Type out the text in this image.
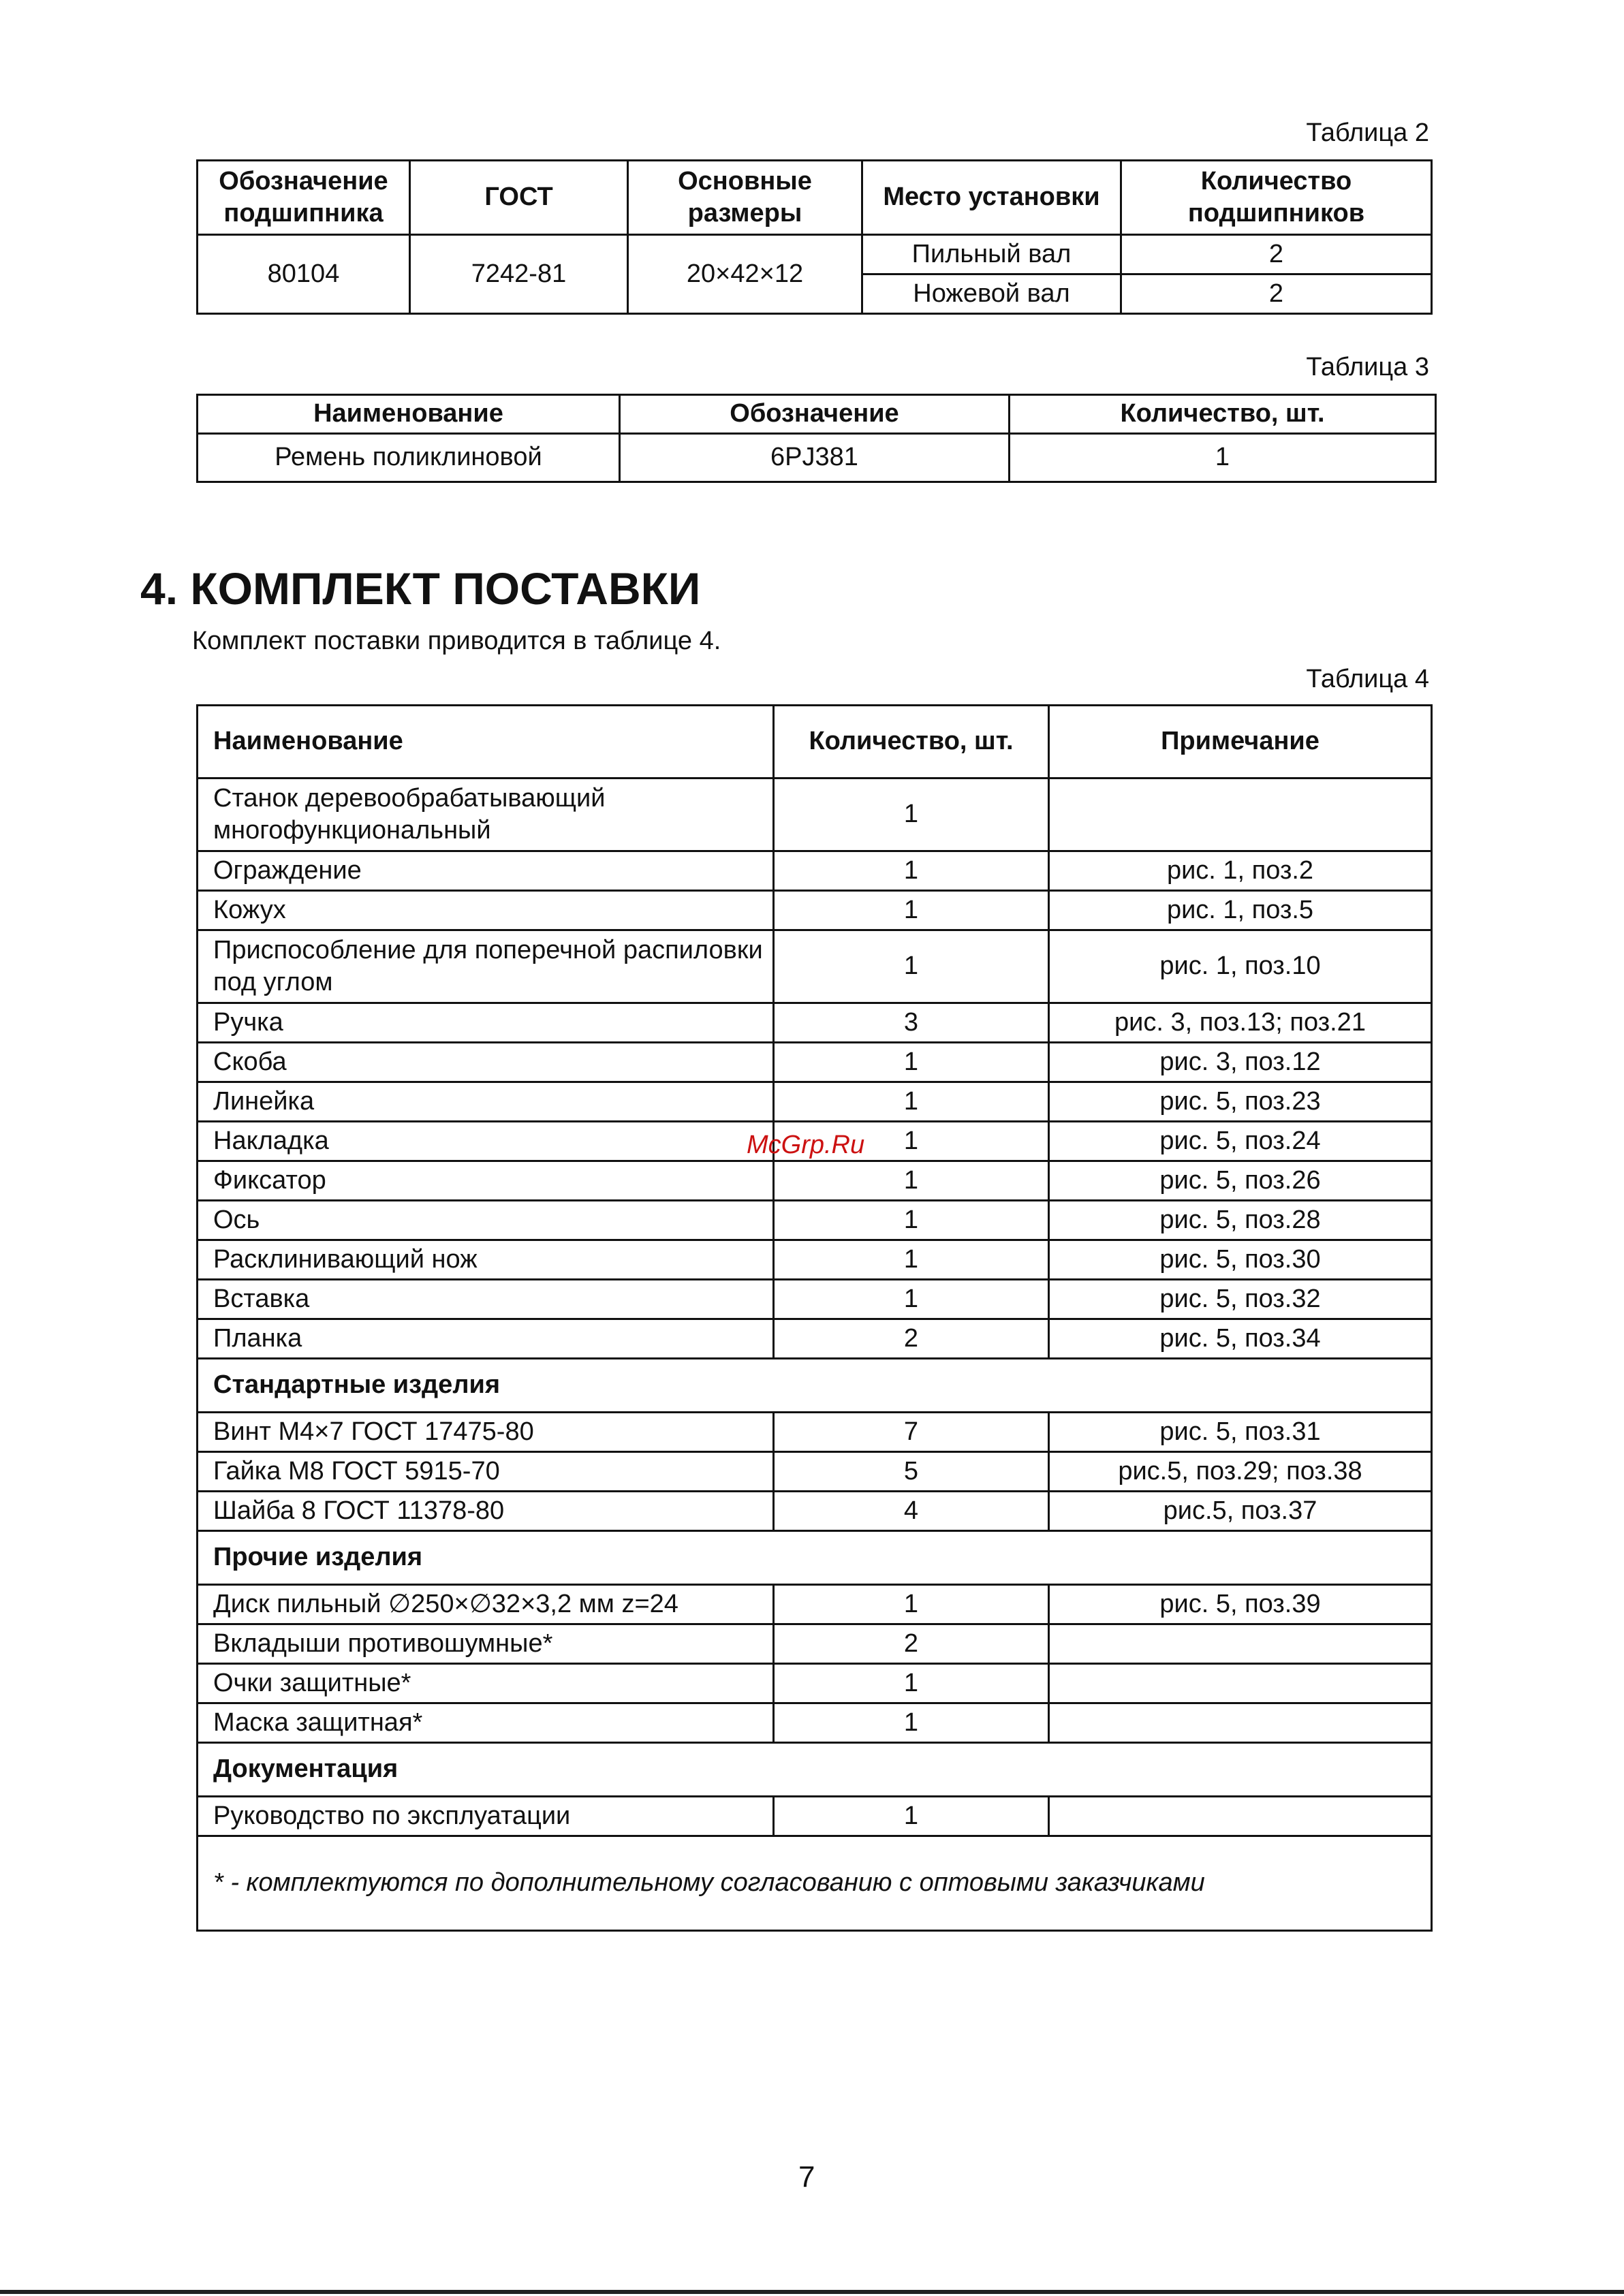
Таблица 2
Обозначение подшипника	ГОСТ	Основные размеры	Место установки	Количество подшипников
80104	7242-81	20×42×12	Пильный вал	2
			Ножевой вал	2
Таблица 3
Наименование	Обозначение	Количество, шт.
Ремень поликлиновой	6PJ381	1
4. КОМПЛЕКТ ПОСТАВКИ
Комплект поставки приводится в таблице 4.
Таблица 4
Наименование	Количество, шт.	Примечание
Станок деревообрабатывающий многофункциональный	1	
Ограждение	1	рис. 1, поз.2
Кожух	1	рис. 1, поз.5
Приспособление для поперечной распиловки под углом	1	рис. 1, поз.10
Ручка	3	рис. 3, поз.13; поз.21
Скоба	1	рис. 3, поз.12
Линейка	1	рис. 5, поз.23
Накладка	1	рис. 5, поз.24
Фиксатор	1	рис. 5, поз.26
Ось	1	рис. 5, поз.28
Расклинивающий нож	1	рис. 5, поз.30
Вставка	1	рис. 5, поз.32
Планка	2	рис. 5, поз.34
Стандартные изделия		
Винт М4×7 ГОСТ 17475-80	7	рис. 5, поз.31
Гайка М8 ГОСТ 5915-70	5	рис.5, поз.29; поз.38
Шайба 8 ГОСТ 11378-80	4	рис.5, поз.37
Прочие изделия		
Диск пильный ∅250×∅32×3,2 мм z=24	1	рис. 5, поз.39
Вкладыши противошумные*	2	
Очки защитные*	1	
Маска защитная*	1	
Документация		
Руководство по эксплуатации	1	
* - комплектуются по дополнительному согласованию с оптовыми заказчиками		
McGrp.Ru
7
